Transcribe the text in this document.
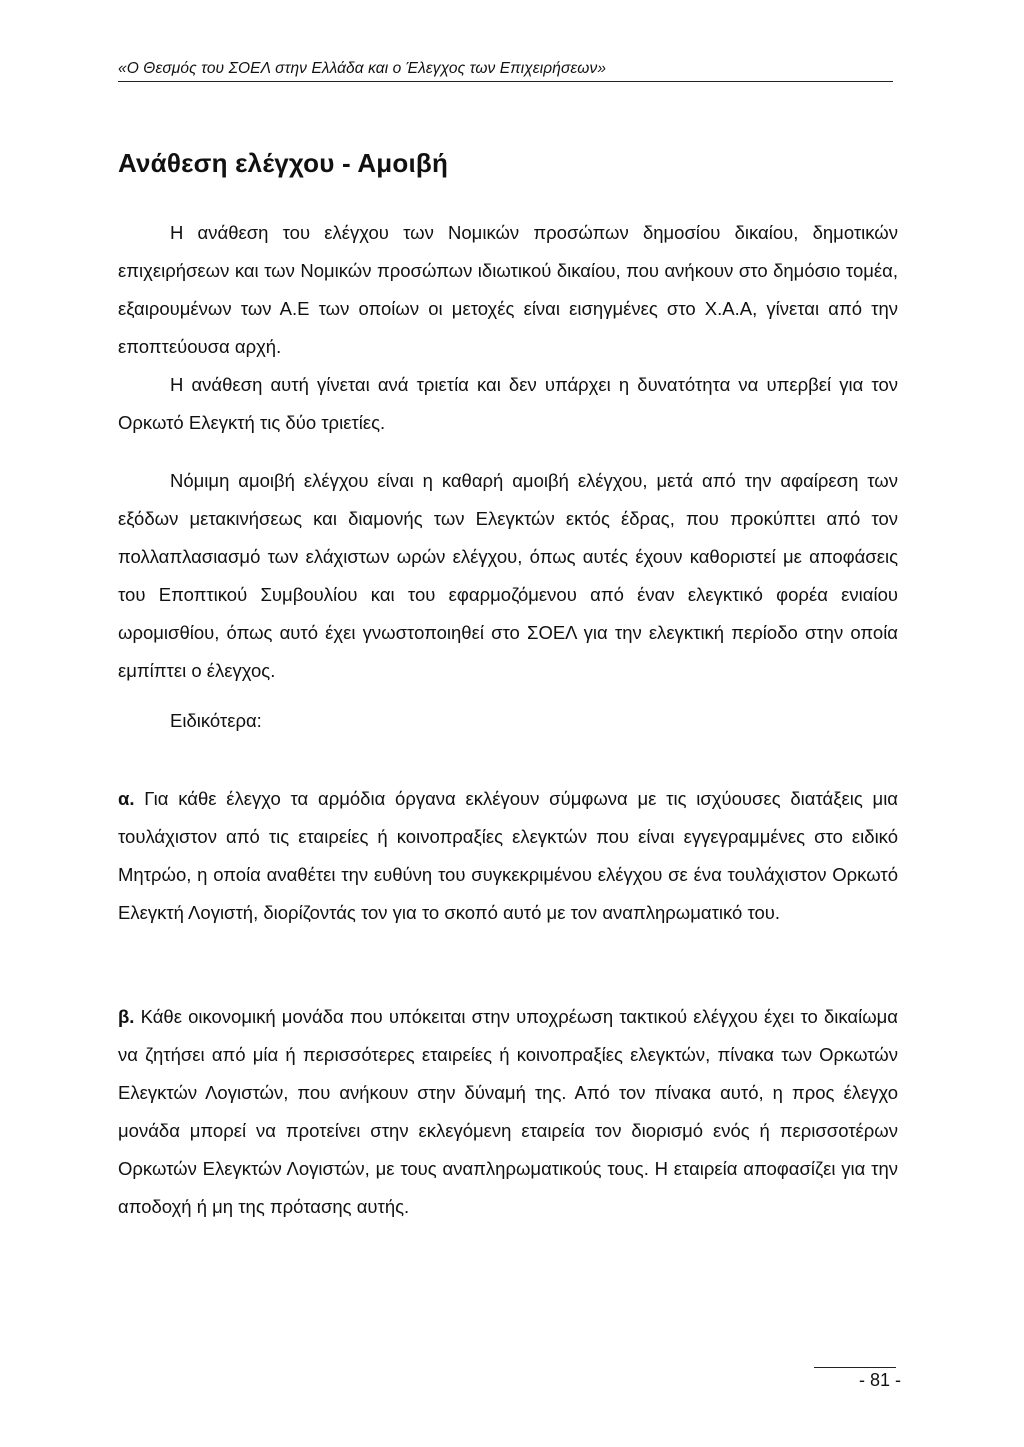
«Ο Θεσμός του ΣΟΕΛ στην Ελλάδα και ο Έλεγχος των Επιχειρήσεων»
Ανάθεση ελέγχου - Αμοιβή

Η ανάθεση του ελέγχου των Νομικών προσώπων δημοσίου δικαίου, δημοτικών επιχειρήσεων και των Νομικών προσώπων ιδιωτικού δικαίου, που ανήκουν στο δημόσιο τομέα, εξαιρουμένων των Α.Ε των οποίων οι μετοχές είναι εισηγμένες στο Χ.Α.Α, γίνεται από την εποπτεύουσα αρχή.

Η ανάθεση αυτή γίνεται ανά τριετία και δεν υπάρχει η δυνατότητα να υπερβεί για τον Ορκωτό Ελεγκτή τις δύο τριετίες.

Νόμιμη αμοιβή ελέγχου είναι η καθαρή αμοιβή ελέγχου, μετά από την αφαίρεση των εξόδων μετακινήσεως και διαμονής των Ελεγκτών εκτός έδρας, που προκύπτει από τον πολλαπλασιασμό των ελάχιστων ωρών ελέγχου, όπως αυτές έχουν καθοριστεί με αποφάσεις του Εποπτικού Συμβουλίου και του εφαρμοζόμενου από έναν ελεγκτικό φορέα ενιαίου ωρομισθίου, όπως αυτό έχει γνωστοποιηθεί στο ΣΟΕΛ για την ελεγκτική περίοδο στην οποία εμπίπτει ο έλεγχος.

Ειδικότερα:

α. Για κάθε έλεγχο τα αρμόδια όργανα εκλέγουν σύμφωνα με τις ισχύουσες διατάξεις μια τουλάχιστον από τις εταιρείες ή κοινοπραξίες ελεγκτών που είναι εγγεγραμμένες στο ειδικό Μητρώο, η οποία αναθέτει την ευθύνη του συγκεκριμένου ελέγχου σε ένα τουλάχιστον Ορκωτό Ελεγκτή Λογιστή, διορίζοντάς τον για το σκοπό αυτό με τον αναπληρωματικό του.

β. Κάθε οικονομική μονάδα που υπόκειται στην υποχρέωση τακτικού ελέγχου έχει το δικαίωμα να ζητήσει από μία ή περισσότερες εταιρείες ή κοινοπραξίες ελεγκτών, πίνακα των Ορκωτών Ελεγκτών Λογιστών, που ανήκουν στην δύναμή της. Από τον πίνακα αυτό, η προς έλεγχο μονάδα μπορεί να προτείνει στην εκλεγόμενη εταιρεία τον διορισμό ενός ή περισσοτέρων Ορκωτών Ελεγκτών Λογιστών, με τους αναπληρωματικούς τους. Η εταιρεία αποφασίζει για την αποδοχή ή μη της πρότασης αυτής.

- 81 -
